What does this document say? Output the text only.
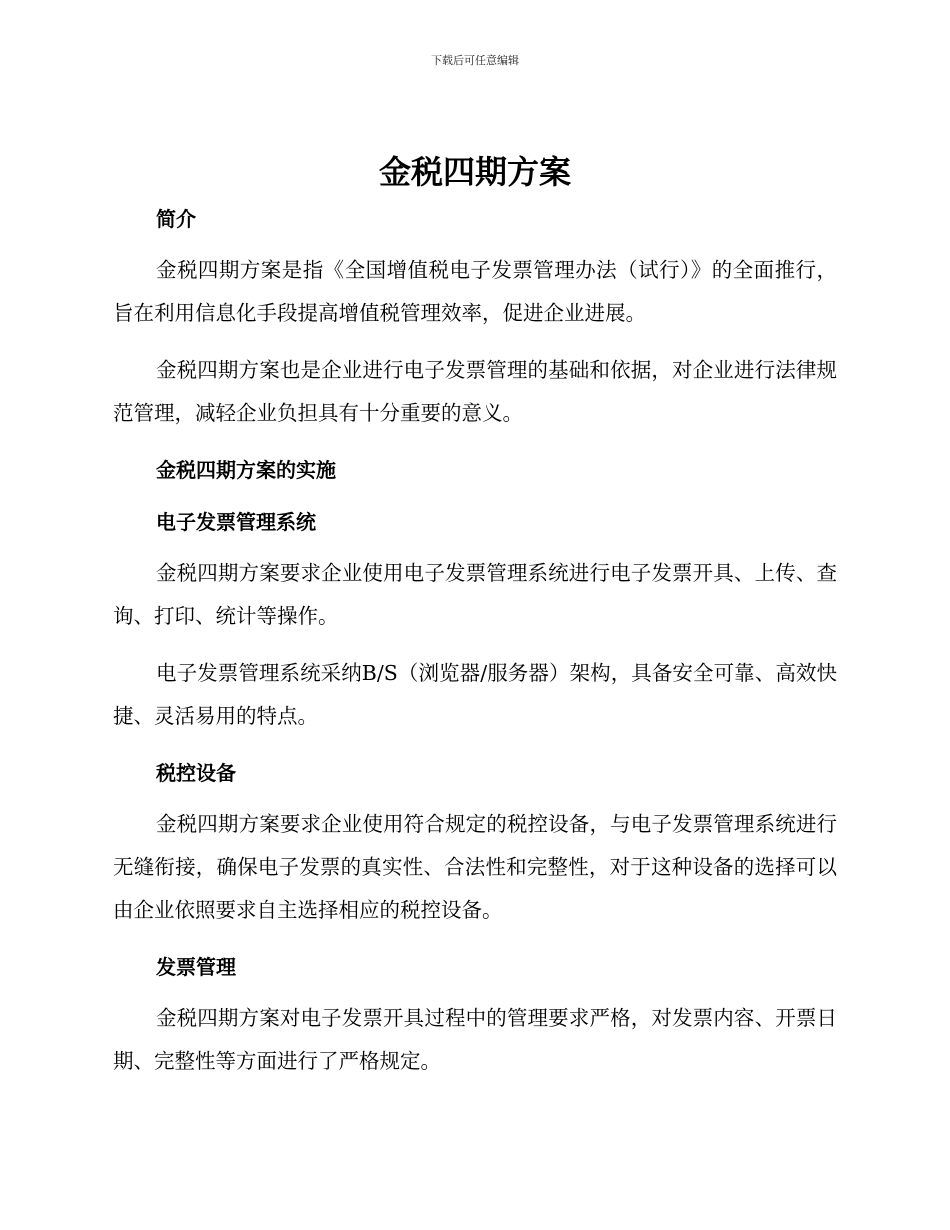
下载后可任意编辑
金税四期方案
简介

金税四期方案是指《全国增值税电子发票管理办法（试行）》的全面推行，旨在利用信息化手段提高增值税管理效率，促进企业进展。

金税四期方案也是企业进行电子发票管理的基础和依据，对企业进行法律规范管理，减轻企业负担具有十分重要的意义。

金税四期方案的实施
电子发票管理系统

金税四期方案要求企业使用电子发票管理系统进行电子发票开具、上传、查询、打印、统计等操作。

电子发票管理系统采纳B/S（浏览器/服务器）架构，具备安全可靠、高效快捷、灵活易用的特点。

税控设备

金税四期方案要求企业使用符合规定的税控设备，与电子发票管理系统进行无缝衔接，确保电子发票的真实性、合法性和完整性，对于这种设备的选择可以由企业依照要求自主选择相应的税控设备。

发票管理

金税四期方案对电子发票开具过程中的管理要求严格，对发票内容、开票日期、完整性等方面进行了严格规定。
